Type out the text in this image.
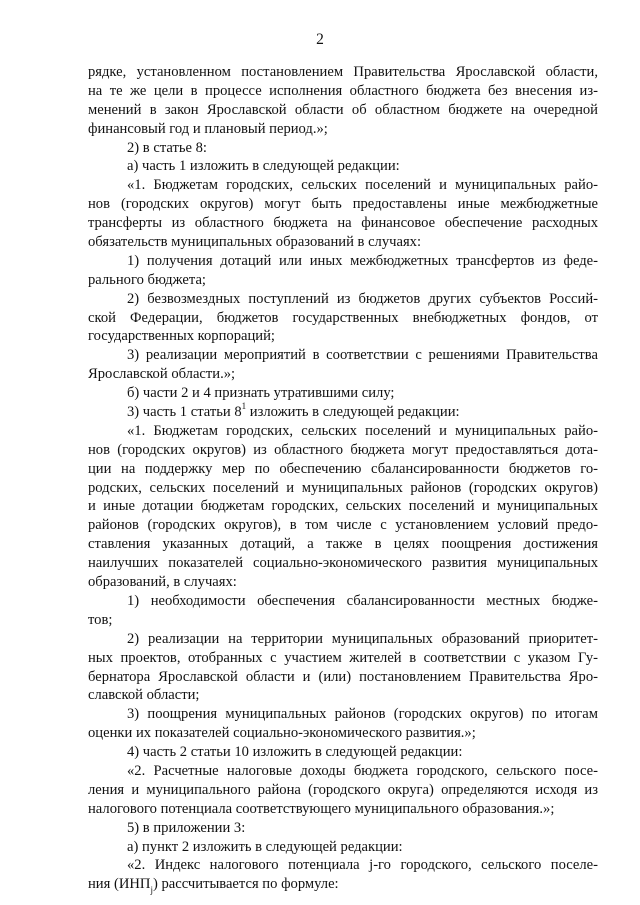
2
рядке, установленном постановлением Правительства Ярославской области,
на те же цели в процессе исполнения областного бюджета без внесения из-
менений в закон Ярославской области об областном бюджете на очередной
финансовый год и плановый период.»;
2) в статье 8:
а) часть 1 изложить в следующей редакции:
«1. Бюджетам городских, сельских поселений и муниципальных райо-
нов (городских округов) могут быть предоставлены иные межбюджетные
трансферты из областного бюджета на финансовое обеспечение расходных
обязательств муниципальных образований в случаях:
1) получения дотаций или иных межбюджетных трансфертов из феде-
рального бюджета;
2) безвозмездных поступлений из бюджетов других субъектов Россий-
ской Федерации, бюджетов государственных внебюджетных фондов, от
государственных корпораций;
3) реализации мероприятий в соответствии с решениями Правительства
Ярославской области.»;
б) части 2 и 4 признать утратившими силу;
3) часть 1 статьи $8^1$ изложить в следующей редакции:
«1. Бюджетам городских, сельских поселений и муниципальных райо-
нов (городских округов) из областного бюджета могут предоставляться дота-
ции на поддержку мер по обеспечению сбалансированности бюджетов го-
родских, сельских поселений и муниципальных районов (городских округов)
и иные дотации бюджетам городских, сельских поселений и муниципальных
районов (городских округов), в том числе с установлением условий предо-
ставления указанных дотаций, а также в целях поощрения достижения
наилучших показателей социально-экономического развития муниципальных
образований, в случаях:
1) необходимости обеспечения сбалансированности местных бюдже-
тов;
2) реализации на территории муниципальных образований приоритет-
ных проектов, отобранных с участием жителей в соответствии с указом Гу-
бернатора Ярославской области и (или) постановлением Правительства Яро-
славской области;
3) поощрения муниципальных районов (городских округов) по итогам
оценки их показателей социально-экономического развития.»;
4) часть 2 статьи 10 изложить в следующей редакции:
«2. Расчетные налоговые доходы бюджета городского, сельского посе-
ления и муниципального района (городского округа) определяются исходя из
налогового потенциала соответствующего муниципального образования.»;
5) в приложении 3:
а) пункт 2 изложить в следующей редакции:
«2. Индекс налогового потенциала j-го городского, сельского поселе-
ния $(ИНП_j)$ рассчитывается по формуле:
